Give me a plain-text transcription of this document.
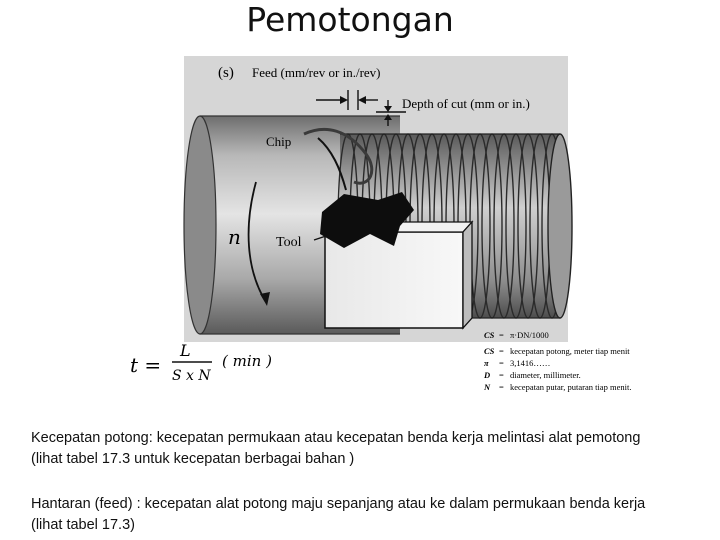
Pemotongan
(s) Feed (mm/rev or in./rev)
Depth of cut (mm or in.)
Chip
Tool
n
t =
L
S x N
( min )
CS = π·DN/1000
CS = kecepatan potong, meter tiap menit
π = 3,1416……
D = diameter, millimeter.
N = kecepatan putar, putaran tiap menit.

Kecepatan potong: kecepatan permukaan atau kecepatan benda kerja melintasi alat pemotong (lihat tabel 17.3 untuk kecepatan berbagai bahan )

Hantaran (feed) : kecepatan alat potong maju sepanjang atau ke dalam permukaan benda kerja (lihat tabel 17.3)
